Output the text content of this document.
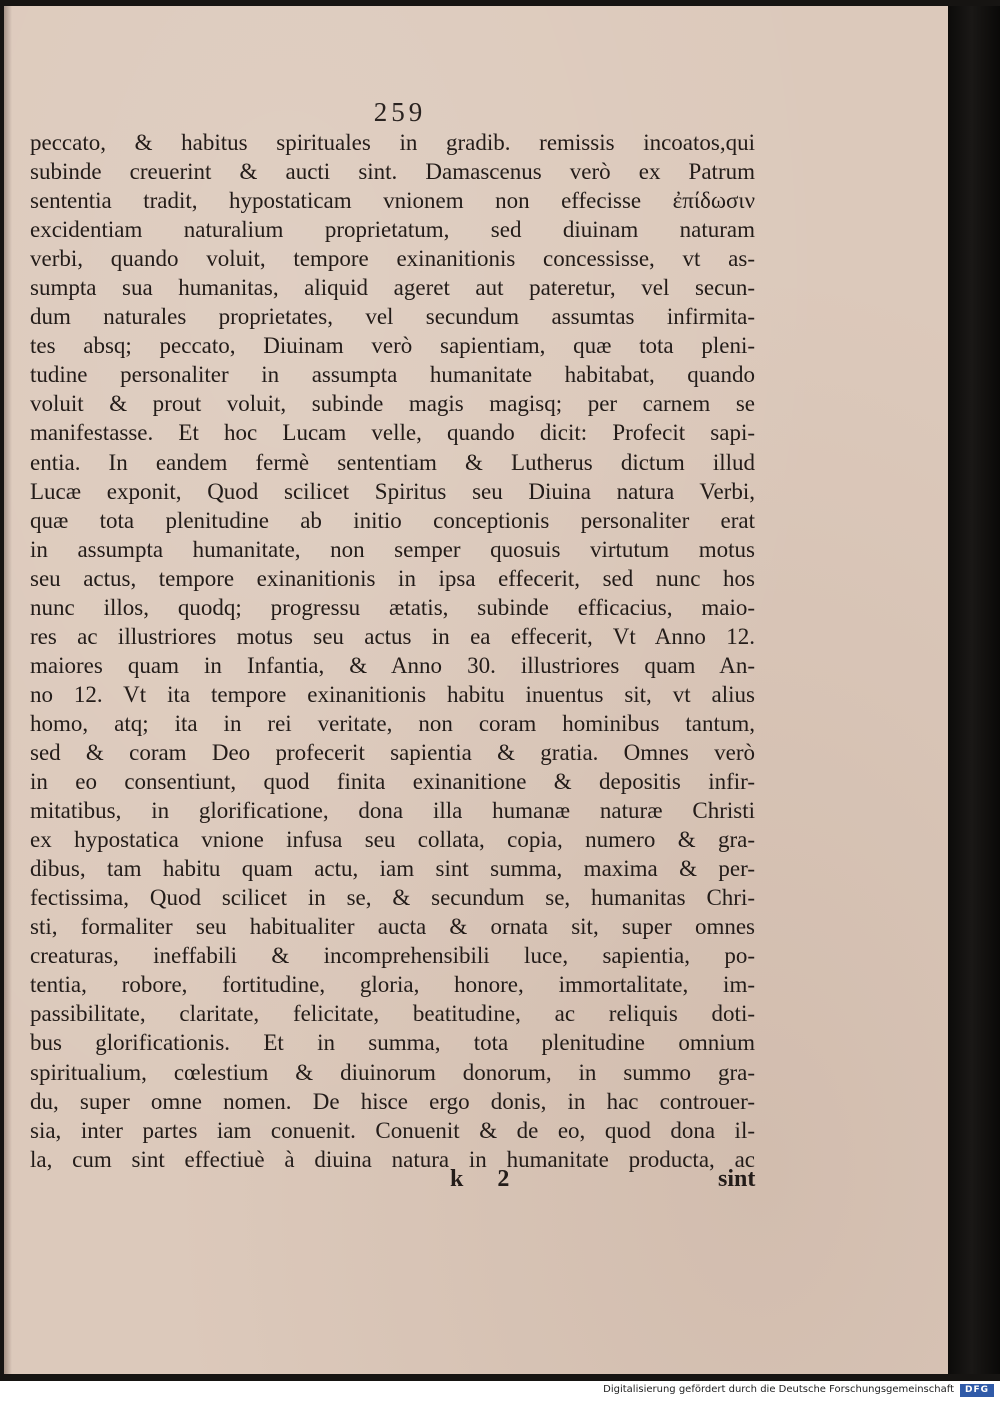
259
peccato, & habitus spirituales in gradib. remissis incoatos,qui
subinde creuerint & aucti sint. Damascenus verò ex Patrum
sententia tradit, hypostaticam vnionem non effecisse ἐπίδωσιν
excidentiam naturalium proprietatum, sed diuinam naturam
verbi, quando voluit, tempore exinanitionis concessisse, vt as-
sumpta sua humanitas, aliquid ageret aut pateretur, vel secun-
dum naturales proprietates, vel secundum assumtas infirmita-
tes absq; peccato, Diuinam verò sapientiam, quæ tota pleni-
tudine personaliter in assumpta humanitate habitabat, quando
voluit & prout voluit, subinde magis magisq; per carnem se
manifestasse. Et hoc Lucam velle, quando dicit: Profecit sapi-
entia. In eandem fermè sententiam & Lutherus dictum illud
Lucæ exponit, Quod scilicet Spiritus seu Diuina natura Verbi,
quæ tota plenitudine ab initio conceptionis personaliter erat
in assumpta humanitate, non semper quosuis virtutum motus
seu actus, tempore exinanitionis in ipsa effecerit, sed nunc hos
nunc illos, quodq; progressu ætatis, subinde efficacius, maio-
res ac illustriores motus seu actus in ea effecerit, Vt Anno 12.
maiores quam in Infantia, & Anno 30. illustriores quam An-
no 12. Vt ita tempore exinanitionis habitu inuentus sit, vt alius
homo, atq; ita in rei veritate, non coram hominibus tantum,
sed & coram Deo profecerit sapientia & gratia. Omnes verò
in eo consentiunt, quod finita exinanitione & depositis infir-
mitatibus, in glorificatione, dona illa humanæ naturæ Christi
ex hypostatica vnione infusa seu collata, copia, numero & gra-
dibus, tam habitu quam actu, iam sint summa, maxima & per-
fectissima, Quod scilicet in se, & secundum se, humanitas Chri-
sti, formaliter seu habitualiter aucta & ornata sit, super omnes
creaturas, ineffabili & incomprehensibili luce, sapientia, po-
tentia, robore, fortitudine, gloria, honore, immortalitate, im-
passibilitate, claritate, felicitate, beatitudine, ac reliquis doti-
bus glorificationis. Et in summa, tota plenitudine omnium
spiritualium, cœlestium & diuinorum donorum, in summo gra-
du, super omne nomen. De hisce ergo donis, in hac controuer-
sia, inter partes iam conuenit. Conuenit & de eo, quod dona il-
la, cum sint effectiuè à diuina natura in humanitate producta, ac
k 2	sint
Digitalisierung gefördert durch die Deutsche Forschungsgemeinschaft	DFG
